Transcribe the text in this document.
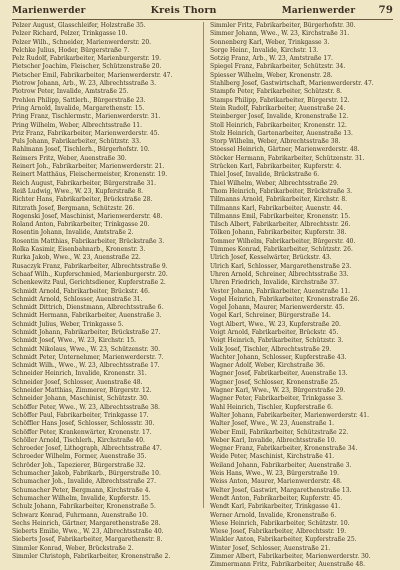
Marienwerder	Kreis Thorn	Marienwerder 79
Pelzer August, Glasschleifer, Holzstraße 35.
Pelzer Richard, Pelzer, Trinkgasse 10.
Pelzer Wilh., Schneider, Marienwerderstr. 20.
Pelchke Julius, Hoder, Bürgerstraße 7.
Pelz Rudolf, Fabrikarbeiter, Marienburgerstr. 19.
Pietscher Joachim, Fleischer, Schützenstraße 20.
Pietscher Emil, Fabrikarbeiter, Marienwerderstr. 47.
Piotrow Johann, Arb., W. 23, Albrechtsstraße 3.
Piotrow Peter, Invalide, Amtstraße 25.
Prehlen Philipp, Sattlerh., Bürgerstraße 23.
Pring Arnold, Invalide, Margarethenstr. 15.
Pring Franz, Tischlermstr., Marienwerderstr. 31.
Pring Wilhelm, Weber, Albrechtsstraße 11.
Priz Franz, Fabrikarbeiter, Marienwerderstr. 45.
Puls Johann, Fabrikarbeiter, Schützstr. 33.
Rahlmann Josef, Tischlerh., Bürgerhofstr. 10.
Reimers Fritz, Weber, Auenstraße 30.
Reinert Joh., Fabrikarbeiter, Marienwerderstr. 21.
Reinert Matthäus, Fleischermeister, Kronenstr. 19.
Reich August, Fabrikarbeiter, Bürgerstraße 31.
Reiß Ludwig, Wwe., W. 23, Kupferstraße 8.
Richter Hans, Fabrikarbeiter, Brückstraße 28.
Ritzrath Josef, Bergmann, Schützstr. 26.
Rogenski Josef, Maschinist, Marienwerderstr. 48.
Roland Anton, Fabrikarbeiter, Trinkgasse 20.
Rosentin Johann, Invalide, Amtstraße 2.
Rosentin Matthias, Fabrikarbeiter, Brückstraße 3.
Rolka Kasimir, Eisenbahnarb., Kronenstr. 3.
Rurka Jakob, Wwe., W. 23, Auenstraße 22.
Rusaczyk Franz, Fabrikarbeiter, Albrechtsstraße 9.
Schaaf Wilh., Kupferschmied, Marienburgerstr. 20.
Schenkewitz Paul, Gerichtsdiener, Kupferstraße 2.
Schmidt Arnold, Fabrikarbeiter, Brückstr. 46.
Schmidt Arnold, Schlosser, Auenstraße 31.
Schmidt Dittrich, Dienstmann, Albrechtsstraße 6.
Schmidt Hermann, Fabrikarbeiter, Auenstraße 3.
Schmidt Julius, Weber, Trinkgasse 5.
Schmidt Johann, Fabrikarbeiter, Brückstraße 27.
Schmidt Josef, Wwe., W. 23, Kirchstr. 15.
Schmidt Nikolaus, Wwe., W. 23, Schützenstr. 30.
Schmidt Peter, Unternehmer, Marienwerderstr. 7.
Schmidt Wilh., Wwe., W. 23, Albrechtsstraße 17.
Schneider Heinrich, Invalide, Kronenstr. 31.
Schneider Josef, Schlosser, Auenstraße 48.
Schneider Matthias, Zimmerer, Bürgerstr. 12.
Schneider Johann, Maschinist, Schützstr. 30.
Schöffer Peter, Wwe., W. 23, Albrechtsstraße 38.
Schöffer Paul, Fabrikarbeiter, Trinkgasse 17.
Schöffler Hans Josef, Schlosser, Schlossstr. 30.
Schöffer Peter, Krankenwärter, Kronenstr. 17.
Schöller Arnold, Tischlerh., Kirchstraße 40.
Schroeder Josef, Lithograph, Albrechtsstraße 47.
Schroeder Wilhelm, Former, Auenstraße 35.
Schröder Joh., Tapezierer, Bürgerstraße 32.
Schumacher Jakob, Fabrikarb., Bürgerstraße 10.
Schumacher Joh., Invalide, Albrechtsstraße 27.
Schumacher Peter, Bergmann, Kirchstraße 4.
Schumacher Wilhelm, Invalide, Kupferstr. 15.
Schulz Johann, Fabrikarbeiter, Kronenstraße 5.
Schwarz Konrad, Fuhrmann, Auenstraße 10.
Sechs Heinrich, Gärtner, Margarethenstraße 28.
Sieberts Emilie, Wwe., W. 23, Albrechtsstraße 40.
Sieberts Josef, Fabrikarbeiter, Margarethenstr. 8.
Simmler Konrad, Weber, Brückstraße 2.
Simmler Christoph, Fabrikarbeiter, Kronenstraße 2.
Simmler Fritz, Fabrikarbeiter, Bürgerhofstr. 30.
Simmer Johann, Wwe., W. 23, Kirchstraße 31.
Sonnenberg Karl, Weber, Trinkgasse 3.
Sorge Heinr., Invalide, Kirchstr. 13.
Sotzig Franz, Arb., W. 23, Amtstraße 17.
Spiegel Franz, Fabrikarbeiter, Schützstr. 34.
Spiesser Wilhelm, Weber, Kronenstr. 28.
Stahlberg Josef, Gastwirtschaft, Marienwerderstr. 47.
Stampfe Peter, Fabrikarbeiter, Schützstr. 8.
Stamps Philipp, Fabrikarbeiter, Bürgerstr. 12.
Stein Rudolf, Fabrikarbeiter, Auenstraße 24.
Steinberger Josef, Invalide, Kronenstraße 12.
Stoll Heinrich, Fabrikarbeiter, Kronenstr. 12.
Stolz Heinrich, Gartenarbeiter, Auenstraße 13.
Storp Wilhelm, Weber, Albrechtsstraße 38.
Stoessel Heinrich, Gärtner, Marienwerderstr. 48.
Stöcker Hermann, Fabrikarbeiter, Schützenstr. 31.
Strücken Karl, Fabrikarbeiter, Kupferstr. 4.
Thiel Josef, Invalide, Brückstraße 6.
Thiel Wilhelm, Weber, Albrechtsstraße 29.
Thom Heinrich, Fabrikarbeiter, Brückstraße 3.
Tillmanns Arnold, Fabrikarbeiter, Kirchstr. 8.
Tillmanns Karl, Fabrikarbeiter, Auenstr. 44.
Tillmanns Emil, Fabrikarbeiter, Kronenstr. 15.
Tilsch Albert, Fabrikarbeiter, Albrechtsstr. 26.
Tölken Johann, Fabrikarbeiter, Kupferstr. 38.
Tommer Wilhelm, Fabrikarbeiter, Bürgerstr. 40.
Tümmes Konrad, Fabrikarbeiter, Schützstr. 26.
Ulrich Josef, Kesselwärter, Brückstr. 43.
Ulrich Karl, Schlosser, Margarethenstraße 23.
Uhren Arnold, Schreiner, Albrechtsstraße 33.
Uhren Friedrich, Invalide, Kirchstraße 37.
Vester Johann, Fabrikarbeiter, Auenstraße 11.
Vogel Heinrich, Fabrikarbeiter, Kronenstraße 26.
Vogel Johann, Maurer, Marienwerderstr. 45.
Vogel Karl, Schreiner, Bürgerstraße 14.
Vogt Albert, Wwe., W. 23, Kupferstraße 20.
Voigt Arnold, Fabrikarbeiter, Brückstr. 45.
Voigt Heinrich, Fabrikarbeiter, Schützstr. 3.
Volk Josef, Tischler, Albrechtsstraße 29.
Wachter Johann, Schlosser, Kupferstraße 43.
Wagner Adolf, Weber, Kirchstraße 36.
Wagner Josef, Fabrikarbeiter, Auenstraße 13.
Wagner Josef, Schlosser, Kronenstraße 25.
Wagner Karl, Wwe., W. 23, Bürgerstraße 29.
Wagner Peter, Fabrikarbeiter, Trinkgasse 3.
Wahl Heinrich, Tischler, Kupferstraße 6.
Walter Johann, Fabrikarbeiter, Marienwerderstr. 41.
Walter Josef, Wwe., W. 23, Auenstraße 1.
Weber Emil, Fabrikarbeiter, Schützstraße 22.
Weber Karl, Invalide, Albrechtsstraße 10.
Wegner Franz, Fabrikarbeiter, Kronenstraße 34.
Weide Peter, Maschinist, Kirchstraße 41.
Weiland Johann, Fabrikarbeiter, Auenstraße 3.
Weis Hans, Wwe., W. 23, Bürgerstraße 19.
Weiss Anton, Maurer, Marienwerderstr. 48.
Welter Josef, Gastwirt, Margarethenstraße 13.
Wendt Anton, Fabrikarbeiter, Kupferstr. 45.
Wendt Karl, Fabrikarbeiter, Trinkgasse 41.
Werner Arnold, Invalide, Kronenstraße 6.
Wiese Heinrich, Fabrikarbeiter, Schützstr. 10.
Wiese Josef, Fabrikarbeiter, Albrechtsstr. 19.
Winkler Anton, Fabrikarbeiter, Kupferstraße 25.
Winter Josef, Schlosser, Auenstraße 21.
Zimmer Albert, Fabrikarbeiter, Marienwerderstr. 30.
Zimmermann Fritz, Fabrikarbeiter, Auenstraße 48.
